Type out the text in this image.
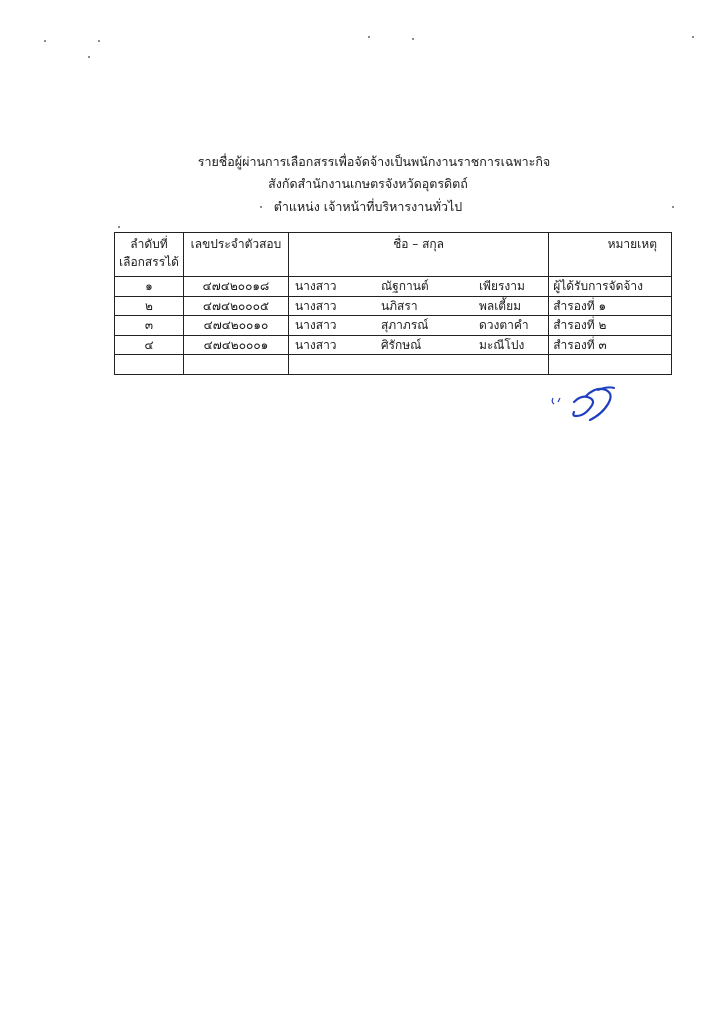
รายชื่อผู้ผ่านการเลือกสรรเพื่อจัดจ้างเป็นพนักงานราชการเฉพาะกิจ
สังกัดสำนักงานเกษตรจังหวัดอุตรดิตถ์
ตำแหน่ง เจ้าหน้าที่บริหารงานทั่วไป
ลำดับที่
เลือกสรรได้	เลขประจำตัวสอบ	ชื่อ – สกุล	หมายเหตุ
๑	๔๗๔๒๐๐๑๘	นางสาว ณัฐกานต์ เพียรงาม	ผู้ได้รับการจัดจ้าง
๒	๔๗๔๒๐๐๐๕	นางสาว นภิสรา พลเตี้ยม	สำรองที่ ๑
๓	๔๗๔๒๐๐๑๐	นางสาว สุภาภรณ์ ดวงตาคำ	สำรองที่ ๒
๔	๔๗๔๒๐๐๐๑	นางสาว ศิรักษณ์ มะณีโปง	สำรองที่ ๓
